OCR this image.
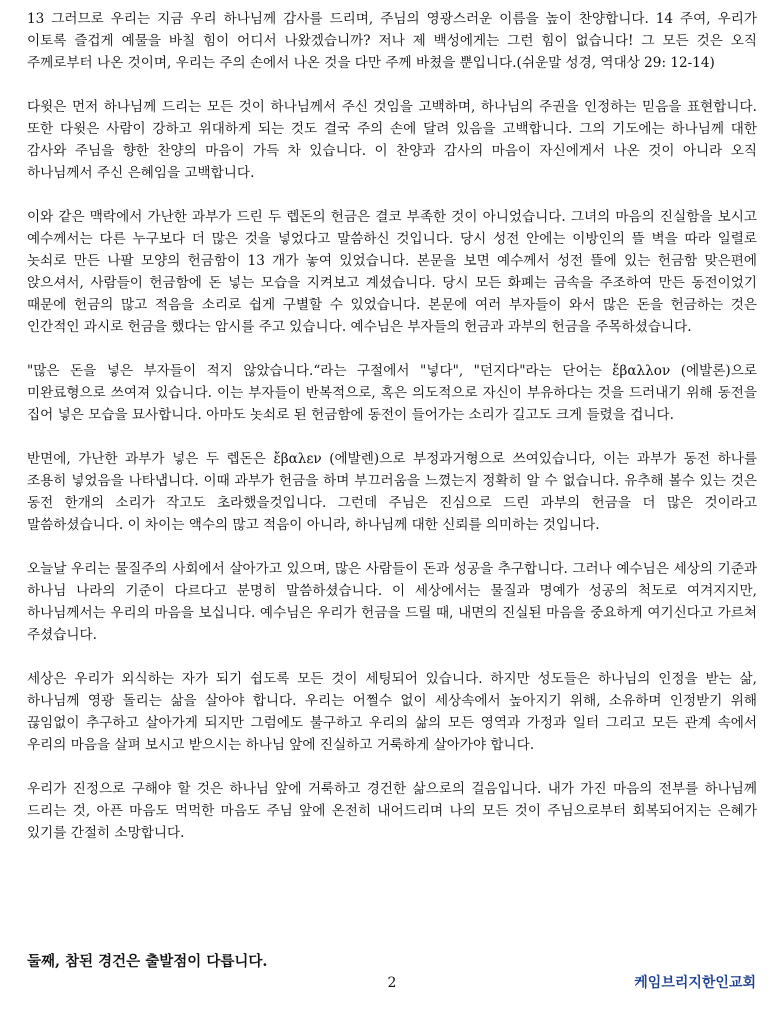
13 그러므로 우리는 지금 우리 하나님께 감사를 드리며, 주님의 영광스러운 이름을 높이 찬양합니다. 14 주여, 우리가 이토록 즐겁게 예물을 바칠 힘이 어디서 나왔겠습니까? 저나 제 백성에게는 그런 힘이 없습니다! 그 모든 것은 오직 주께로부터 나온 것이며, 우리는 주의 손에서 나온 것을 다만 주께 바쳤을 뿐입니다.(쉬운말 성경, 역대상 29: 12-14)

다윗은 먼저 하나님께 드리는 모든 것이 하나님께서 주신 것임을 고백하며, 하나님의 주권을 인정하는 믿음을 표현합니다. 또한 다윗은 사람이 강하고 위대하게 되는 것도 결국 주의 손에 달려 있음을 고백합니다. 그의 기도에는 하나님께 대한 감사와 주님을 향한 찬양의 마음이 가득 차 있습니다. 이 찬양과 감사의 마음이 자신에게서 나온 것이 아니라 오직 하나님께서 주신 은혜임을 고백합니다.

이와 같은 맥락에서 가난한 과부가 드린 두 렙돈의 헌금은 결코 부족한 것이 아니었습니다. 그녀의 마음의 진실함을 보시고 예수께서는 다른 누구보다 더 많은 것을 넣었다고 말씀하신 것입니다. 당시 성전 안에는 이방인의 뜰 벽을 따라 일렬로 놋쇠로 만든 나팔 모양의 헌금함이 13 개가 놓여 있었습니다. 본문을 보면 예수께서 성전 뜰에 있는 헌금함 맞은편에 앉으셔서, 사람들이 헌금함에 돈 넣는 모습을 지켜보고 계셨습니다. 당시 모든 화폐는 금속을 주조하여 만든 동전이었기 때문에 헌금의 많고 적음을 소리로 쉽게 구별할 수 있었습니다. 본문에 여러 부자들이 와서 많은 돈을 헌금하는 것은 인간적인 과시로 헌금을 했다는 암시를 주고 있습니다. 예수님은 부자들의 헌금과 과부의 헌금을 주목하셨습니다.

"많은 돈을 넣은 부자들이 적지 않았습니다.“라는 구절에서 "넣다", "던지다"라는 단어는 ἔβαλλον (에발론)으로 미완료형으로 쓰여져 있습니다. 이는 부자들이 반복적으로, 혹은 의도적으로 자신이 부유하다는 것을 드러내기 위해 동전을 집어 넣은 모습을 묘사합니다. 아마도 놋쇠로 된 헌금함에 동전이 들어가는 소리가 길고도 크게 들렸을 겁니다.

반면에, 가난한 과부가 넣은 두 렙돈은 ἔβαλεν (에발렌)으로 부정과거형으로 쓰여있습니다, 이는 과부가 동전 하나를 조용히 넣었음을 나타냅니다. 이때 과부가 헌금을 하며 부끄러움을 느꼈는지 정확히 알 수 없습니다. 유추해 볼수 있는 것은 동전 한개의 소리가 작고도 초라했을것입니다. 그런데 주님은 진심으로 드린 과부의 헌금을 더 많은 것이라고 말씀하셨습니다. 이 차이는 액수의 많고 적음이 아니라, 하나님께 대한 신뢰를 의미하는 것입니다.

오늘날 우리는 물질주의 사회에서 살아가고 있으며, 많은 사람들이 돈과 성공을 추구합니다. 그러나 예수님은 세상의 기준과 하나님 나라의 기준이 다르다고 분명히 말씀하셨습니다. 이 세상에서는 물질과 명예가 성공의 척도로 여겨지지만, 하나님께서는 우리의 마음을 보십니다. 예수님은 우리가 헌금을 드릴 때, 내면의 진실된 마음을 중요하게 여기신다고 가르쳐 주셨습니다.

세상은 우리가 외식하는 자가 되기 쉽도록 모든 것이 세팅되어 있습니다. 하지만 성도들은 하나님의 인정을 받는 삶, 하나님께 영광 돌리는 삶을 살아야 합니다. 우리는 어쩔수 없이 세상속에서 높아지기 위해, 소유하며 인정받기 위해 끊임없이 추구하고 살아가게 되지만 그럼에도 불구하고 우리의 삶의 모든 영역과 가정과 일터 그리고 모든 관계 속에서 우리의 마음을 살펴 보시고 받으시는 하나님 앞에 진실하고 거룩하게 살아가야 합니다.

우리가 진정으로 구해야 할 것은 하나님 앞에 거룩하고 경건한 삶으로의 걸음입니다. 내가 가진 마음의 전부를 하나님께 드리는 것, 아픈 마음도 먹먹한 마음도 주님 앞에 온전히 내어드리며 나의 모든 것이 주님으로부터 회복되어지는 은혜가 있기를 간절히 소망합니다.

둘째, 참된 경건은 출발점이 다릅니다.

2	케임브리지한인교회
